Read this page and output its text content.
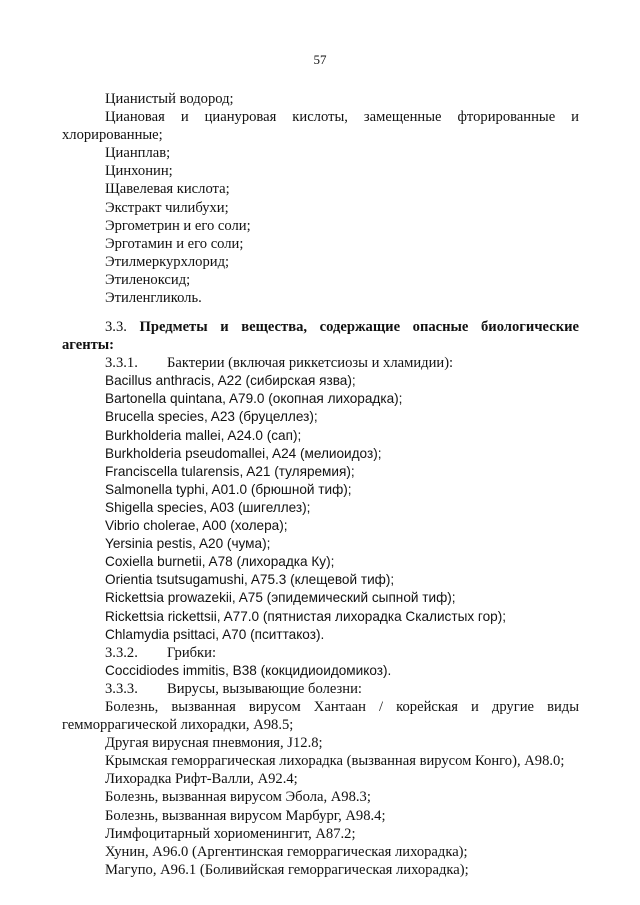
57
Цианистый водород;
Циановая и циануровая кислоты, замещенные фторированные и
хлорированные;
Цианплав;
Цинхонин;
Щавелевая кислота;
Экстракт чилибухи;
Эргометрин и его соли;
Эрготамин и его соли;
Этилмеркурхлорид;
Этиленоксид;
Этиленгликоль.
3.3. Предметы и вещества, содержащие опасные биологические
агенты:
3.3.1. Бактерии (включая риккетсиозы и хламидии):
Bacillus anthracis, A22 (сибирская язва);
Bartonella quintana, A79.0 (окопная лихорадка);
Brucella species, A23 (бруцеллез);
Burkholderia mallei, A24.0 (сап);
Burkholderia pseudomallei, A24 (мелиоидоз);
Franciscella tularensis, A21 (туляремия);
Salmonella typhi, A01.0 (брюшной тиф);
Shigella species, A03 (шигеллез);
Vibrio cholerae, A00 (холера);
Yersinia pestis, A20 (чума);
Coxiella burnetii, A78 (лихорадка Ку);
Orientia tsutsugamushi, A75.3 (клещевой тиф);
Rickettsia prowazekii, A75 (эпидемический сыпной тиф);
Rickettsia rickettsii, A77.0 (пятнистая лихорадка Скалистых гор);
Chlamydia psittaci, A70 (пситтакоз).
3.3.2. Грибки:
Coccidiodes immitis, B38 (кокцидиоидомикоз).
3.3.3. Вирусы, вызывающие болезни:
Болезнь, вызванная вирусом Хантаан / корейская и другие виды
гемморрагической лихорадки, A98.5;
Другая вирусная пневмония, J12.8;
Крымская геморрагическая лихорадка (вызванная вирусом Конго), A98.0;
Лихорадка Рифт-Валли, A92.4;
Болезнь, вызванная вирусом Эбола, A98.3;
Болезнь, вызванная вирусом Марбург, A98.4;
Лимфоцитарный хориоменингит, A87.2;
Хунин, A96.0 (Аргентинская геморрагическая лихорадка);
Магупо, A96.1 (Боливийская геморрагическая лихорадка);
